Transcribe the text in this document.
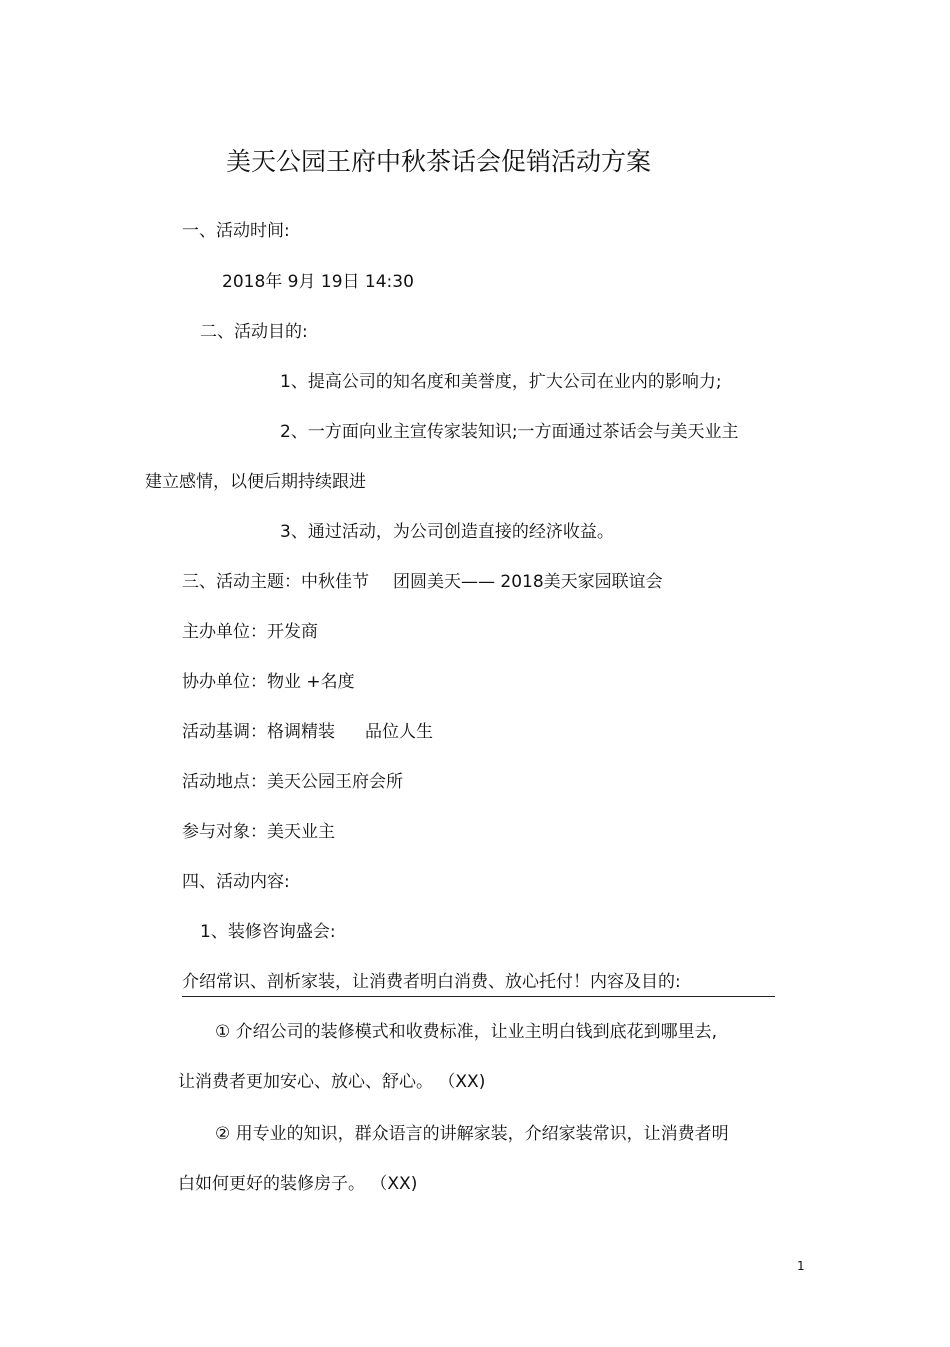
美天公园王府中秋茶话会促销活动方案
一、活动时间:
2018年 9月 19日 14:30
二、活动目的:
1、提高公司的知名度和美誉度，扩大公司在业内的影响力;
2、一方面向业主宣传家装知识;一方面通过茶话会与美天业主
建立感情，以便后期持续跟进
3、通过活动，为公司创造直接的经济收益。
三、活动主题：中秋佳节 团圆美天—— 2018美天家园联谊会
主办单位：开发商
协办单位：物业 +名度
活动基调：格调精装 品位人生
活动地点：美天公园王府会所
参与对象：美天业主
四、活动内容:
1、装修咨询盛会:
介绍常识、剖析家装，让消费者明白消费、放心托付！内容及目的:
① 介绍公司的装修模式和收费标准，让业主明白钱到底花到哪里去,
让消费者更加安心、放心、舒心。 （XX)
② 用专业的知识，群众语言的讲解家装，介绍家装常识，让消费者明
白如何更好的装修房子。 （XX)
1
